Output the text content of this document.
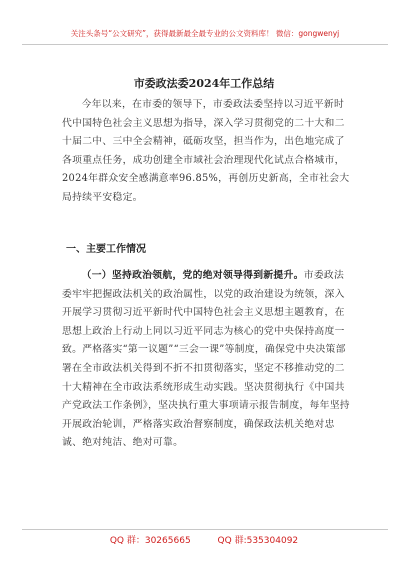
关注头条号“公文研究”，获得最新最全最专业的公文资料库！ 微信：gongwenyj
市委政法委2024年工作总结
今年以来，在市委的领导下，市委政法委坚持以习近平新时代中国特色社会主义思想为指导，深入学习贯彻党的二十大和二十届二中、三中全会精神，砥砺攻坚，担当作为，出色地完成了各项重点任务，成功创建全市域社会治理现代化试点合格城市，2024年群众安全感满意率96.85%，再创历史新高，全市社会大局持续平安稳定。
一、主要工作情况
（一）坚持政治领航，党的绝对领导得到新提升。市委政法委牢牢把握政法机关的政治属性，以党的政治建设为统领，深入开展学习贯彻习近平新时代中国特色社会主义思想主题教育，在思想上政治上行动上同以习近平同志为核心的党中央保持高度一致。严格落实“第一议题”“三会一课”等制度，确保党中央决策部署在全市政法机关得到不折不扣贯彻落实，坚定不移推动党的二十大精神在全市政法系统形成生动实践。坚决贯彻执行《中国共产党政法工作条例》，坚决执行重大事项请示报告制度，每年坚持开展政治轮训，严格落实政治督察制度，确保政法机关绝对忠诚、绝对纯洁、绝对可靠。
QQ 群：30265665	QQ 群:535304092
